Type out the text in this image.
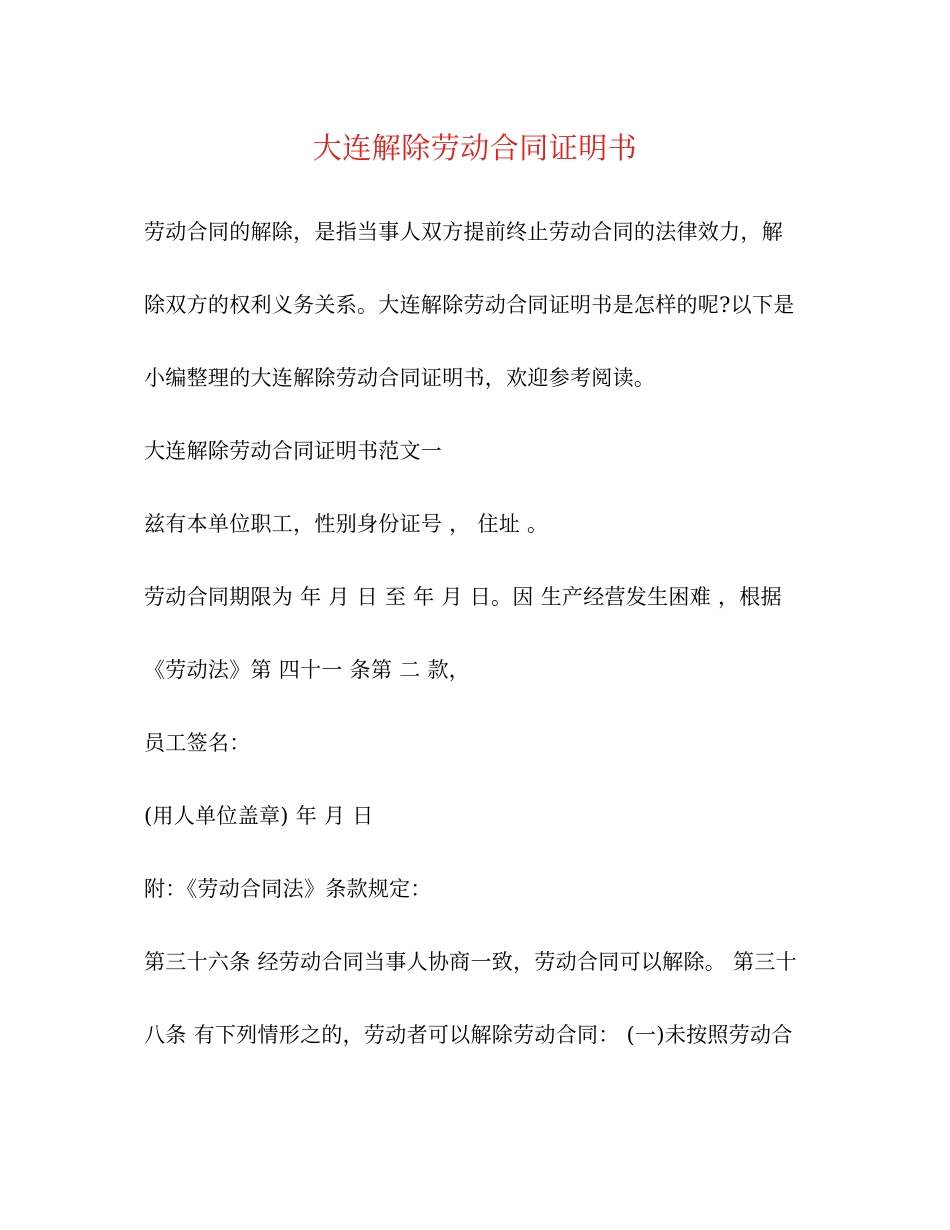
大连解除劳动合同证明书
劳动合同的解除，是指当事人双方提前终止劳动合同的法律效力，解
除双方的权利义务关系。大连解除劳动合同证明书是怎样的呢?以下是
小编整理的大连解除劳动合同证明书，欢迎参考阅读。
大连解除劳动合同证明书范文一
兹有本单位职工，性别身份证号 ， 住址 。
劳动合同期限为 年 月 日 至 年 月 日。因 生产经营发生困难 ，根据
《劳动法》第 四十一 条第 二 款，
员工签名：
(用人单位盖章) 年 月 日
附：《劳动合同法》条款规定：
第三十六条 经劳动合同当事人协商一致，劳动合同可以解除。 第三十
八条 有下列情形之的，劳动者可以解除劳动合同： (一)未按照劳动合
